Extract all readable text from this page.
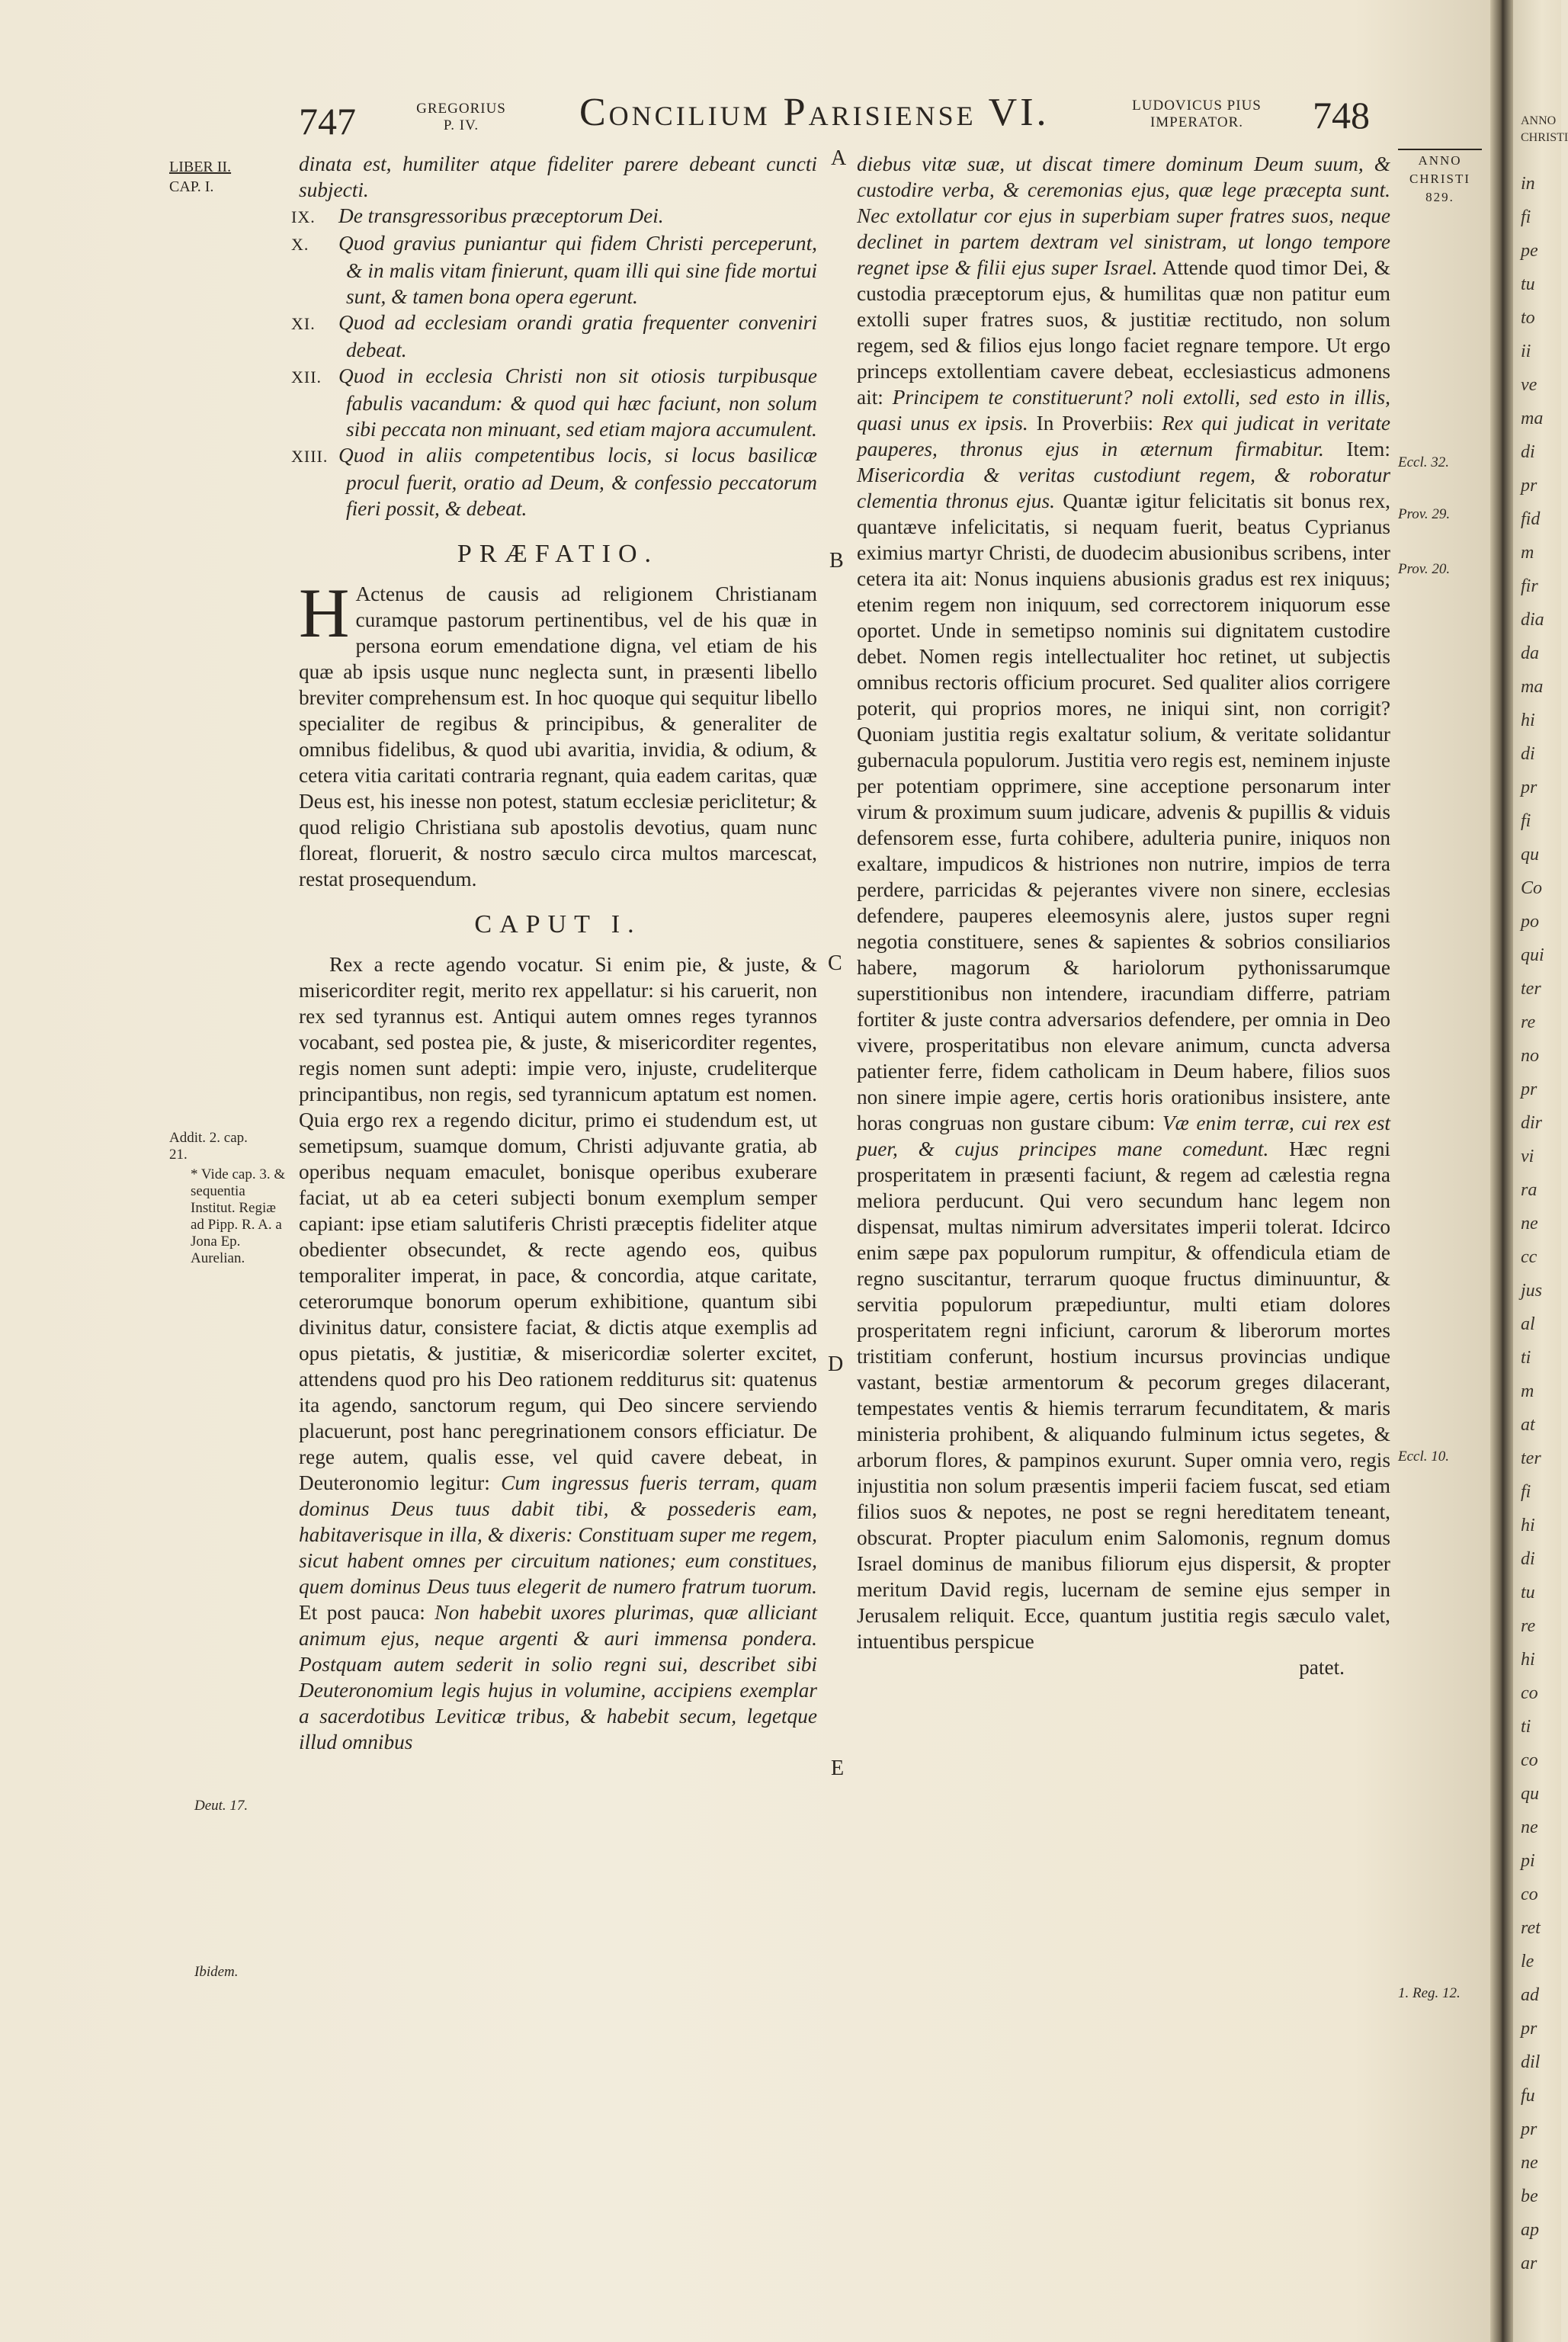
747	GREGORIUS
P. IV.	Concilium Parisiense VI.	LUDOVICUS PIUS
IMPERATOR.	748
ANNO
CHRISTI
829.
LIBER II.
CAP. I.
Addit. 2. cap. 21.
* Vide cap. 3. & sequentia Institut. Regiæ ad Pipp. R. A. a Jona Ep. Aurelian.
Deut. 17.
Ibidem.
A
B
C
D
E
Eccl. 32.
Prov. 29.
Prov. 20.
Eccl. 10.
1. Reg. 12.

dinata est, humiliter atque fideliter parere debeant cuncti subjecti.

IX. De transgressoribus præceptorum Dei.

X. Quod gravius puniantur qui fidem Christi perceperunt, & in malis vitam finierunt, quam illi qui sine fide mortui sunt, & tamen bona opera egerunt.

XI. Quod ad ecclesiam orandi gratia frequenter conveniri debeat.

XII. Quod in ecclesia Christi non sit otiosis turpibusque fabulis vacandum: & quod qui hæc faciunt, non solum sibi peccata non minuant, sed etiam majora accumulent.

XIII. Quod in aliis competentibus locis, si locus basilicæ procul fuerit, oratio ad Deum, & confessio peccatorum fieri possit, & debeat.

PRÆFATIO.

H Actenus de causis ad religionem Christianam curamque pastorum pertinentibus, vel de his quæ in persona eorum emendatione digna, vel etiam de his quæ ab ipsis usque nunc neglecta sunt, in præsenti libello breviter comprehensum est. In hoc quoque qui sequitur libello specialiter de regibus & principibus, & generaliter de omnibus fidelibus, & quod ubi avaritia, invidia, & odium, & cetera vitia caritati contraria regnant, quia eadem caritas, quæ Deus est, his inesse non potest, statum ecclesiæ periclitetur; & quod religio Christiana sub apostolis devotius, quam nunc floreat, floruerit, & nostro sæculo circa multos marcescat, restat prosequendum.

CAPUT I.

Rex a recte agendo vocatur. Si enim pie, & juste, & misericorditer regit, merito rex appellatur: si his caruerit, non rex sed tyrannus est. Antiqui autem omnes reges tyrannos vocabant, sed postea pie, & juste, & misericorditer regentes, regis nomen sunt adepti: impie vero, injuste, crudeliterque principantibus, non regis, sed tyrannicum aptatum est nomen. Quia ergo rex a regendo dicitur, primo ei studendum est, ut semetipsum, suamque domum, Christi adjuvante gratia, ab operibus nequam emaculet, bonisque operibus exuberare faciat, ut ab ea ceteri subjecti bonum exemplum semper capiant: ipse etiam salutiferis Christi præceptis fideliter atque obedienter obsecundet, & recte agendo eos, quibus temporaliter imperat, in pace, & concordia, atque caritate, ceterorumque bonorum operum exhibitione, quantum sibi divinitus datur, consistere faciat, & dictis atque exemplis ad opus pietatis, & justitiæ, & misericordiæ solerter excitet, attendens quod pro his Deo rationem redditurus sit: quatenus ita agendo, sanctorum regum, qui Deo sincere serviendo placuerunt, post hanc peregrinationem consors efficiatur. De rege autem, qualis esse, vel quid cavere debeat, in Deuteronomio legitur: Cum ingressus fueris terram, quam dominus Deus tuus dabit tibi, & possederis eam, habitaverisque in illa, & dixeris: Constituam super me regem, sicut habent omnes per circuitum nationes; eum constitues, quem dominus Deus tuus elegerit de numero fratrum tuorum. Et post pauca: Non habebit uxores plurimas, quæ alliciant animum ejus, neque argenti & auri immensa pondera. Postquam autem sederit in solio regni sui, describet sibi Deuteronomium legis hujus in volumine, accipiens exemplar a sacerdotibus Leviticæ tribus, & habebit secum, legetque illud omnibus

diebus vitæ suæ, ut discat timere dominum Deum suum, & custodire verba, & ceremonias ejus, quæ lege præcepta sunt. Nec extollatur cor ejus in superbiam super fratres suos, neque declinet in partem dextram vel sinistram, ut longo tempore regnet ipse & filii ejus super Israel. Attende quod timor Dei, & custodia præceptorum ejus, & humilitas quæ non patitur eum extolli super fratres suos, & justitiæ rectitudo, non solum regem, sed & filios ejus longo faciet regnare tempore. Ut ergo princeps extollentiam cavere debeat, ecclesiasticus admonens ait: Principem te constituerunt? noli extolli, sed esto in illis, quasi unus ex ipsis. In Proverbiis: Rex qui judicat in veritate pauperes, thronus ejus in æternum firmabitur. Item: Misericordia & veritas custodiunt regem, & roboratur clementia thronus ejus. Quantæ igitur felicitatis sit bonus rex, quantæve infelicitatis, si nequam fuerit, beatus Cyprianus eximius martyr Christi, de duodecim abusionibus scribens, inter cetera ita ait: Nonus inquiens abusionis gradus est rex iniquus; etenim regem non iniquum, sed correctorem iniquorum esse oportet. Unde in semetipso nominis sui dignitatem custodire debet. Nomen regis intellectualiter hoc retinet, ut subjectis omnibus rectoris officium procuret. Sed qualiter alios corrigere poterit, qui proprios mores, ne iniqui sint, non corrigit? Quoniam justitia regis exaltatur solium, & veritate solidantur gubernacula populorum. Justitia vero regis est, neminem injuste per potentiam opprimere, sine acceptione personarum inter virum & proximum suum judicare, advenis & pupillis & viduis defensorem esse, furta cohibere, adulteria punire, iniquos non exaltare, impudicos & histriones non nutrire, impios de terra perdere, parricidas & pejerantes vivere non sinere, ecclesias defendere, pauperes eleemosynis alere, justos super regni negotia constituere, senes & sapientes & sobrios consiliarios habere, magorum & hariolorum pythonissarumque superstitionibus non intendere, iracundiam differre, patriam fortiter & juste contra adversarios defendere, per omnia in Deo vivere, prosperitatibus non elevare animum, cuncta adversa patienter ferre, fidem catholicam in Deum habere, filios suos non sinere impie agere, certis horis orationibus insistere, ante horas congruas non gustare cibum: Væ enim terræ, cui rex est puer, & cujus principes mane comedunt. Hæc regni prosperitatem in præsenti faciunt, & regem ad cælestia regna meliora perducunt. Qui vero secundum hanc legem non dispensat, multas nimirum adversitates imperii tolerat. Idcirco enim sæpe pax populorum rumpitur, & offendicula etiam de regno suscitantur, terrarum quoque fructus diminuuntur, & servitia populorum præpediuntur, multi etiam dolores prosperitatem regni inficiunt, carorum & liberorum mortes tristitiam conferunt, hostium incursus provincias undique vastant, bestiæ armentorum & pecorum greges dilacerant, tempestates ventis & hiemis terrarum fecunditatem, & maris ministeria prohibent, & aliquando fulminum ictus segetes, & arborum flores, & pampinos exurunt. Super omnia vero, regis injustitia non solum præsentis imperii faciem fuscat, sed etiam filios suos & nepotes, ne post se regni hereditatem teneant, obscurat. Propter piaculum enim Salomonis, regnum domus Israel dominus de manibus filiorum ejus dispersit, & propter meritum David regis, lucernam de semine ejus semper in Jerusalem reliquit. Ecce, quantum justitia regis sæculo valet, intuentibus perspicue

patet.

ANNO
CHRISTI
in
fi
pe
tu
to
ii
ve
ma
di
pr
fid
m
fir
dia
da
ma
hi
di
pr
fi
qu
Co
po
qui
ter
re
no
pr
dir
vi
ra
ne
cc
jus
al
ti
m
at
ter
fi
hi
di
tu
re
hi
co
ti
co
qu
ne
pi
co
ret
le
ad
pr
dil
fu
pr
ne
be
ap
ar
